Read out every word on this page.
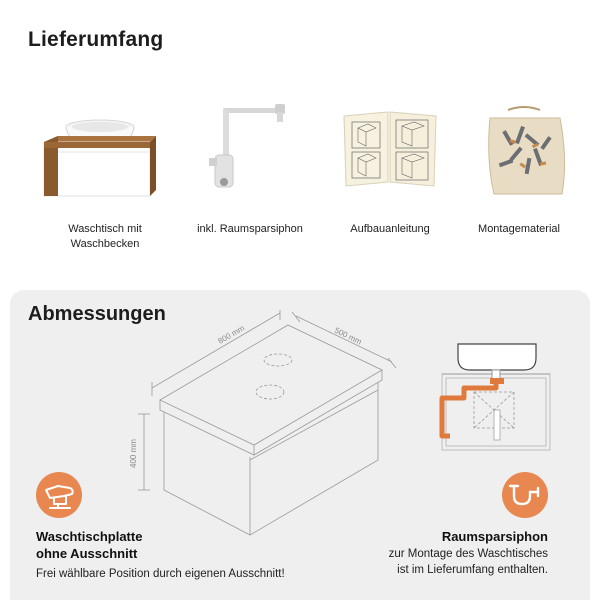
Lieferumfang
Waschtisch mit
Waschbecken
inkl. Raumsparsiphon	Aufbauanleitung	Montagematerial
Abmessungen
800 mm	500 mm
400 mm
Waschtischplatte
ohne Ausschnitt
Frei wählbare Position durch eigenen Ausschnitt!
Raumsparsiphon
zur Montage des Waschtisches
ist im Lieferumfang enthalten.
